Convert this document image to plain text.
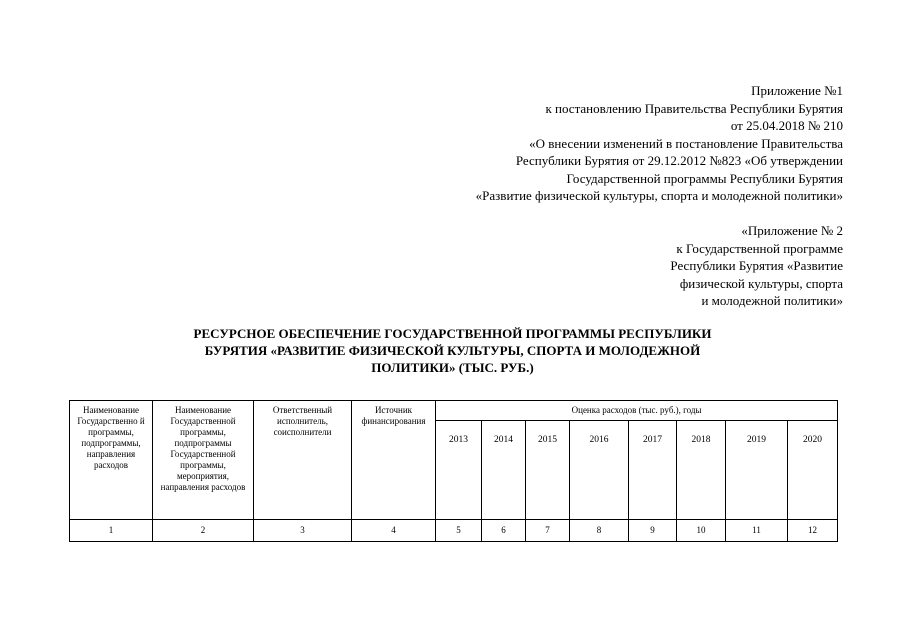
Приложение №1
к постановлению Правительства Республики Бурятия
от 25.04.2018 № 210
«О внесении изменений в постановление Правительства
Республики Бурятия от 29.12.2012 №823 «Об утверждении
Государственной программы Республики Бурятия
«Развитие физической культуры, спорта и молодежной политики»
«Приложение № 2
к Государственной программе
Республики Бурятия «Развитие
физической культуры, спорта
и молодежной политики»
РЕСУРСНОЕ ОБЕСПЕЧЕНИЕ ГОСУДАРСТВЕННОЙ ПРОГРАММЫ РЕСПУБЛИКИ
БУРЯТИЯ «РАЗВИТИЕ ФИЗИЧЕСКОЙ КУЛЬТУРЫ, СПОРТА И МОЛОДЕЖНОЙ
ПОЛИТИКИ» (ТЫС. РУБ.)
Наименование Государственно й программы, подпрограммы, направления расходов	Наименование Государственной программы, подпрограммы Государственной программы, мероприятия, направления расходов	Ответственный исполнитель, соисполнители	Источник финансирования	Оценка расходов (тыс. руб.), годы							
				2013	2014	2015	2016	2017	2018	2019	2020
1	2	3	4	5	6	7	8	9	10	11	12
